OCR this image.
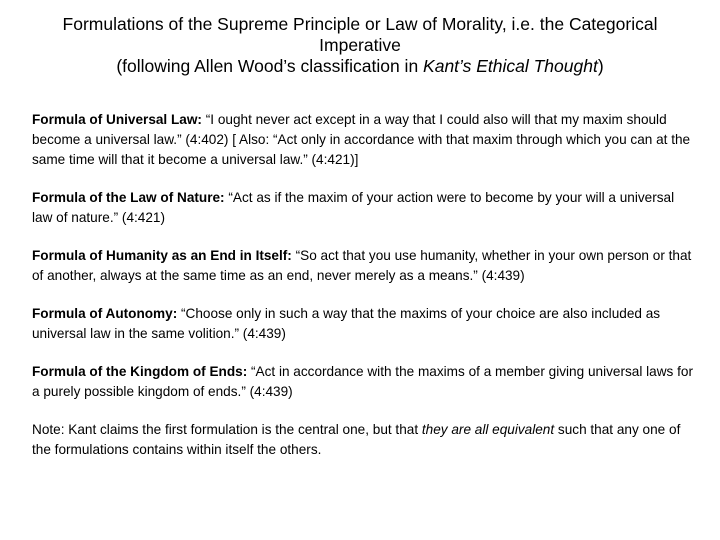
Formulations of the Supreme Principle or Law of Morality, i.e. the Categorical
Imperative
(following Allen Wood’s classification in Kant’s Ethical Thought)

Formula of Universal Law: “I ought never act except in a way that I could also will that my maxim should become a universal law.” (4:402) [ Also: “Act only in accordance with that maxim through which you can at the same time will that it become a universal law.” (4:421)]

Formula of the Law of Nature: “Act as if the maxim of your action were to become by your will a universal law of nature.” (4:421)

Formula of Humanity as an End in Itself: “So act that you use humanity, whether in your own person or that of another, always at the same time as an end, never merely as a means.” (4:439)

Formula of Autonomy: “Choose only in such a way that the maxims of your choice are also included as universal law in the same volition.” (4:439)

Formula of the Kingdom of Ends: “Act in accordance with the maxims of a member giving universal laws for a purely possible kingdom of ends.” (4:439)

Note: Kant claims the first formulation is the central one, but that they are all equivalent such that any one of the formulations contains within itself the others.
